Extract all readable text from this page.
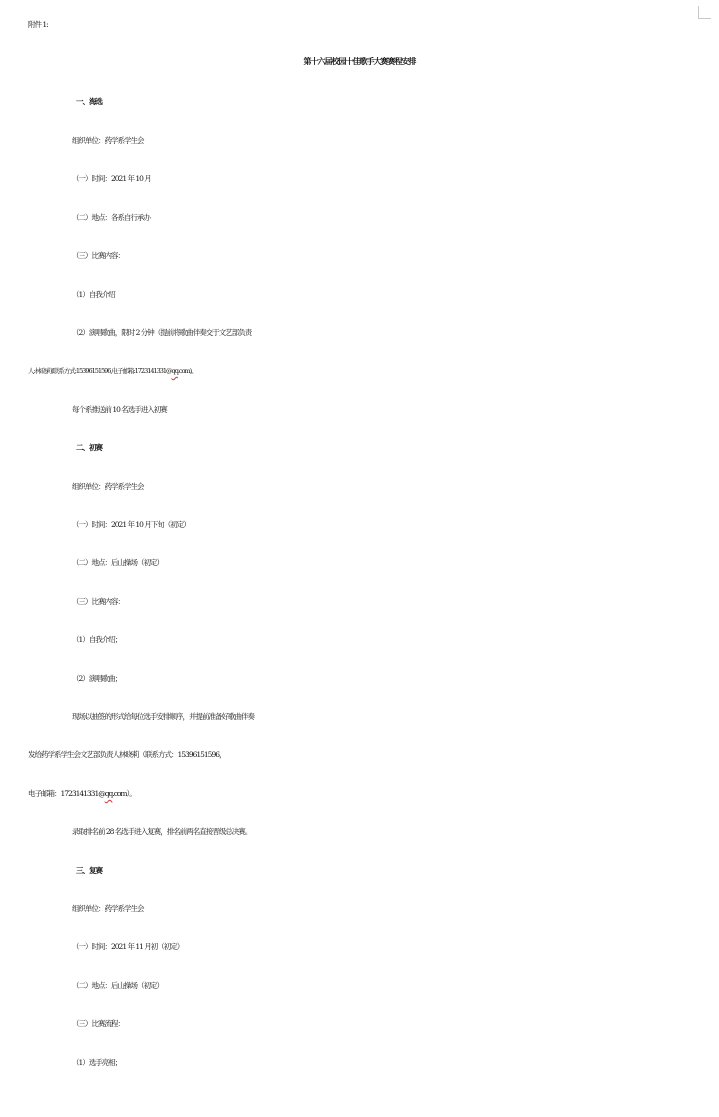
附件 1:
第十六届校园十佳歌手大赛赛程安排
一、海选
组织单位：药学系学生会
（一）时间：2021 年 10 月
（二）地点：各系自行承办
（三）比赛内容：
（1）自我介绍
（2）演唱歌曲，限时 2 分钟（提前将歌曲伴奏交于文艺部负责
人:林晓莉(联系方式:15396151596,电子邮箱:1723141331@qq.com)。
每个系推送前 10 名选手进入初赛
二、初赛
组织单位：药学系学生会
（一）时间：2021 年 10 月下旬（初定）
（二）地点：后山操场（初定）
（三）比赛内容：
（1）自我介绍；
（2）演唱歌曲；
现场以抽签的形式给每位选手安排顺序，并提前准备好歌曲伴奏
发给药学系学生会文艺部负责人林晓莉（联系方式：15396151596，
电子邮箱：1723141331@qq.com）。
录取排名前 28 名选手进入复赛，排名前两名直接晋级总决赛。
三、复赛
组织单位：药学系学生会
（一）时间：2021 年 11 月初（初定）
（二）地点：后山操场（初定）
（三）比赛流程：
（1）选手亮相；
